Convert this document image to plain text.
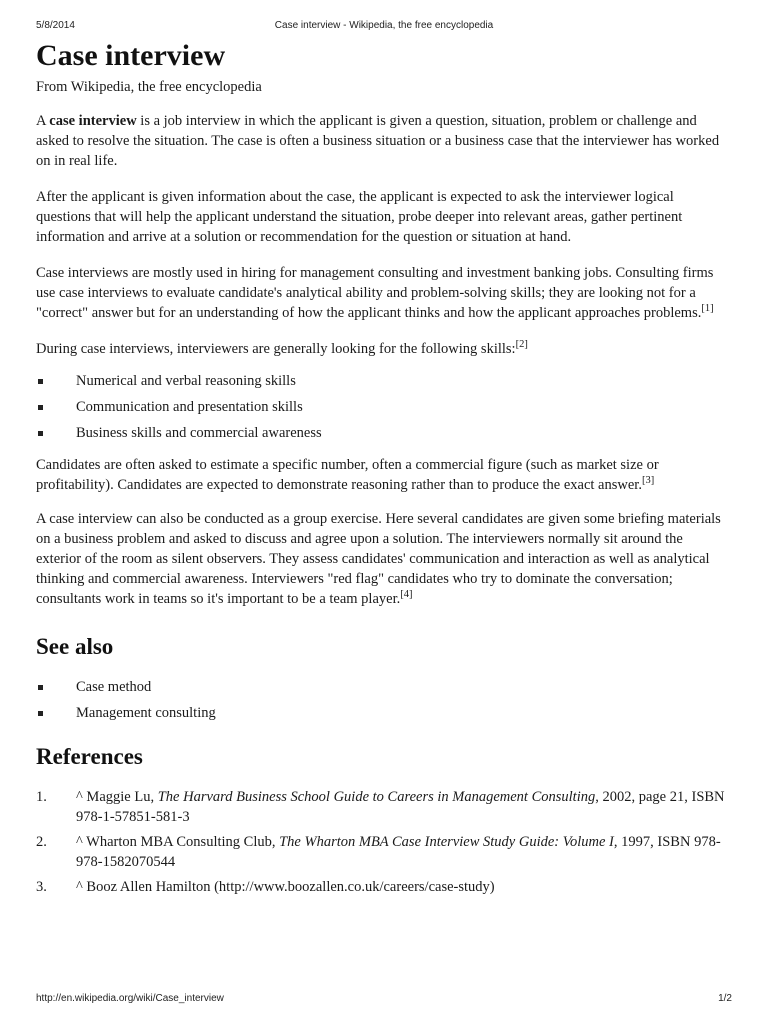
5/8/2014	Case interview - Wikipedia, the free encyclopedia
Case interview
From Wikipedia, the free encyclopedia

A case interview is a job interview in which the applicant is given a question, situation, problem or challenge and asked to resolve the situation. The case is often a business situation or a business case that the interviewer has worked on in real life.

After the applicant is given information about the case, the applicant is expected to ask the interviewer logical questions that will help the applicant understand the situation, probe deeper into relevant areas, gather pertinent information and arrive at a solution or recommendation for the question or situation at hand.

Case interviews are mostly used in hiring for management consulting and investment banking jobs. Consulting firms use case interviews to evaluate candidate's analytical ability and problem-solving skills; they are looking not for a "correct" answer but for an understanding of how the applicant thinks and how the applicant approaches problems.[1]

During case interviews, interviewers are generally looking for the following skills:[2]

Numerical and verbal reasoning skills
Communication and presentation skills
Business skills and commercial awareness

Candidates are often asked to estimate a specific number, often a commercial figure (such as market size or profitability). Candidates are expected to demonstrate reasoning rather than to produce the exact answer.[3]

A case interview can also be conducted as a group exercise. Here several candidates are given some briefing materials on a business problem and asked to discuss and agree upon a solution. The interviewers normally sit around the exterior of the room as silent observers. They assess candidates' communication and interaction as well as analytical thinking and commercial awareness. Interviewers "red flag" candidates who try to dominate the conversation; consultants work in teams so it's important to be a team player.[4]

See also
Case method
Management consulting
References
1. ^ Maggie Lu, The Harvard Business School Guide to Careers in Management Consulting, 2002, page 21, ISBN 978-1-57851-581-3
2. ^ Wharton MBA Consulting Club, The Wharton MBA Case Interview Study Guide: Volume I, 1997, ISBN 978-978-1582070544
3. ^ Booz Allen Hamilton (http://www.boozallen.co.uk/careers/case-study)
http://en.wikipedia.org/wiki/Case_interview	1/2
